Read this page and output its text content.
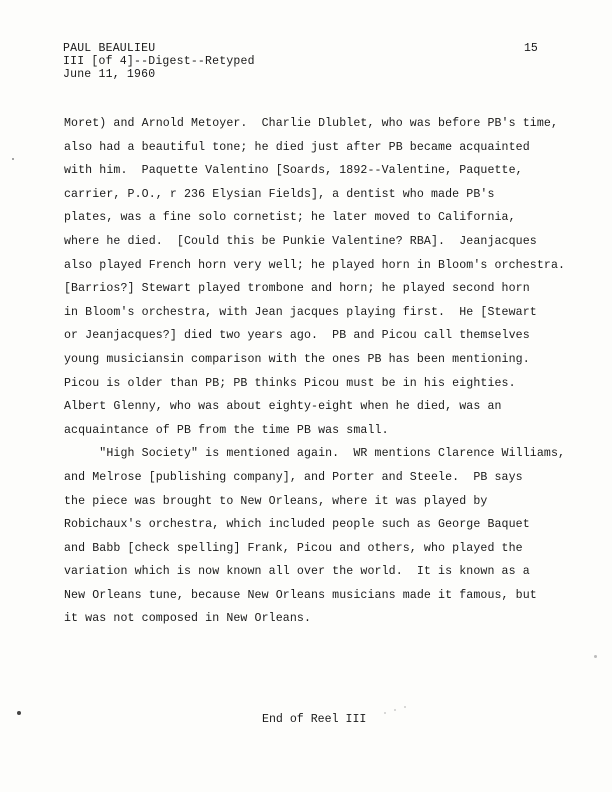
PAUL BEAULIEU
III [of 4]--Digest--Retyped
June 11, 1960
15
Moret) and Arnold Metoyer.  Charlie Dlublet, who was before PB's time,
also had a beautiful tone; he died just after PB became acquainted
with him.  Paquette Valentino [Soards, 1892--Valentine, Paquette,
carrier, P.O., r 236 Elysian Fields], a dentist who made PB's
plates, was a fine solo cornetist; he later moved to California,
where he died.  [Could this be Punkie Valentine? RBA].  Jeanjacques
also played French horn very well; he played horn in Bloom's orchestra.
[Barrios?] Stewart played trombone and horn; he played second horn
in Bloom's orchestra, with Jean jacques playing first.  He [Stewart
or Jeanjacques?] died two years ago.  PB and Picou call themselves
young musiciansin comparison with the ones PB has been mentioning.
Picou is older than PB; PB thinks Picou must be in his eighties.
Albert Glenny, who was about eighty-eight when he died, was an
acquaintance of PB from the time PB was small.
"High Society" is mentioned again.  WR mentions Clarence Williams,
and Melrose [publishing company], and Porter and Steele.  PB says
the piece was brought to New Orleans, where it was played by
Robichaux's orchestra, which included people such as George Baquet
and Babb [check spelling] Frank, Picou and others, who played the
variation which is now known all over the world.  It is known as a
New Orleans tune, because New Orleans musicians made it famous, but
it was not composed in New Orleans.
End of Reel III
